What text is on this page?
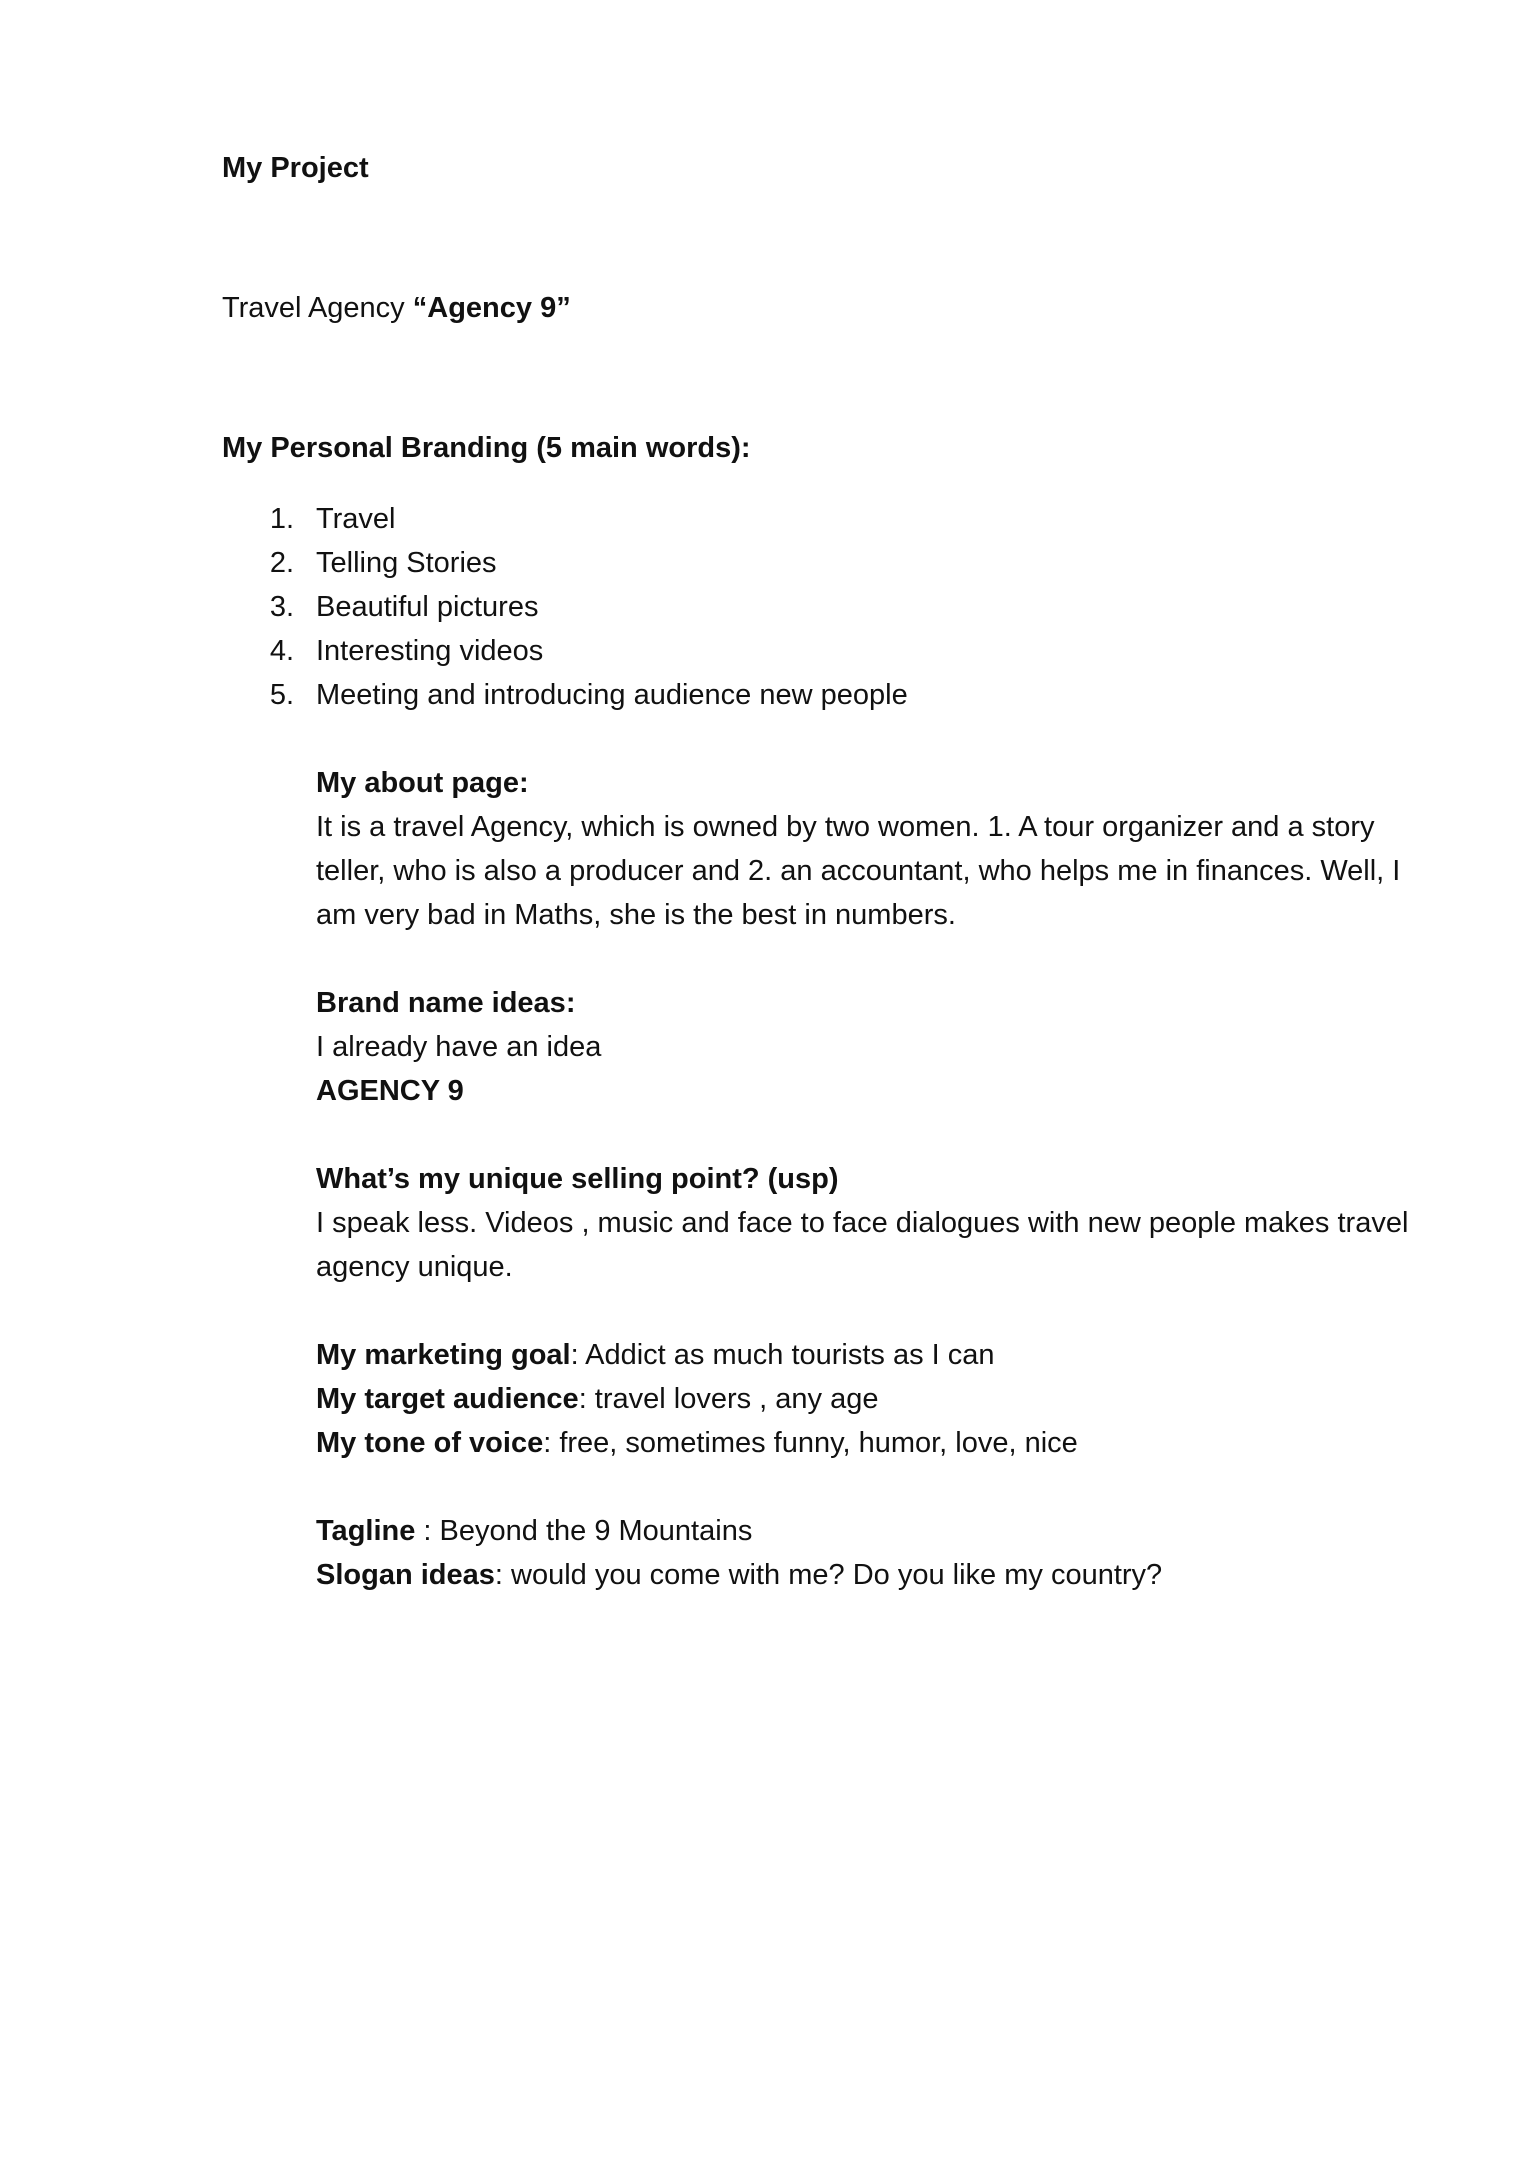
My Project

Travel Agency “Agency 9”

My Personal Branding (5 main words):

1. Travel
2. Telling Stories
3. Beautiful pictures
4. Interesting videos
5. Meeting and introducing audience new people

My about page:

It is a travel Agency, which is owned by two women. 1. A tour organizer and a story

teller, who is also a producer and 2. an accountant, who helps me in finances. Well, I

am very bad in Maths, she is the best in numbers.

Brand name ideas:

I already have an idea

AGENCY 9

What’s my unique selling point? (usp)

I speak less. Videos , music and face to face dialogues with new people makes travel

agency unique.

My marketing goal: Addict as much tourists as I can

My target audience: travel lovers , any age

My tone of voice: free, sometimes funny, humor, love, nice

Tagline : Beyond the 9 Mountains

Slogan ideas: would you come with me? Do you like my country?
